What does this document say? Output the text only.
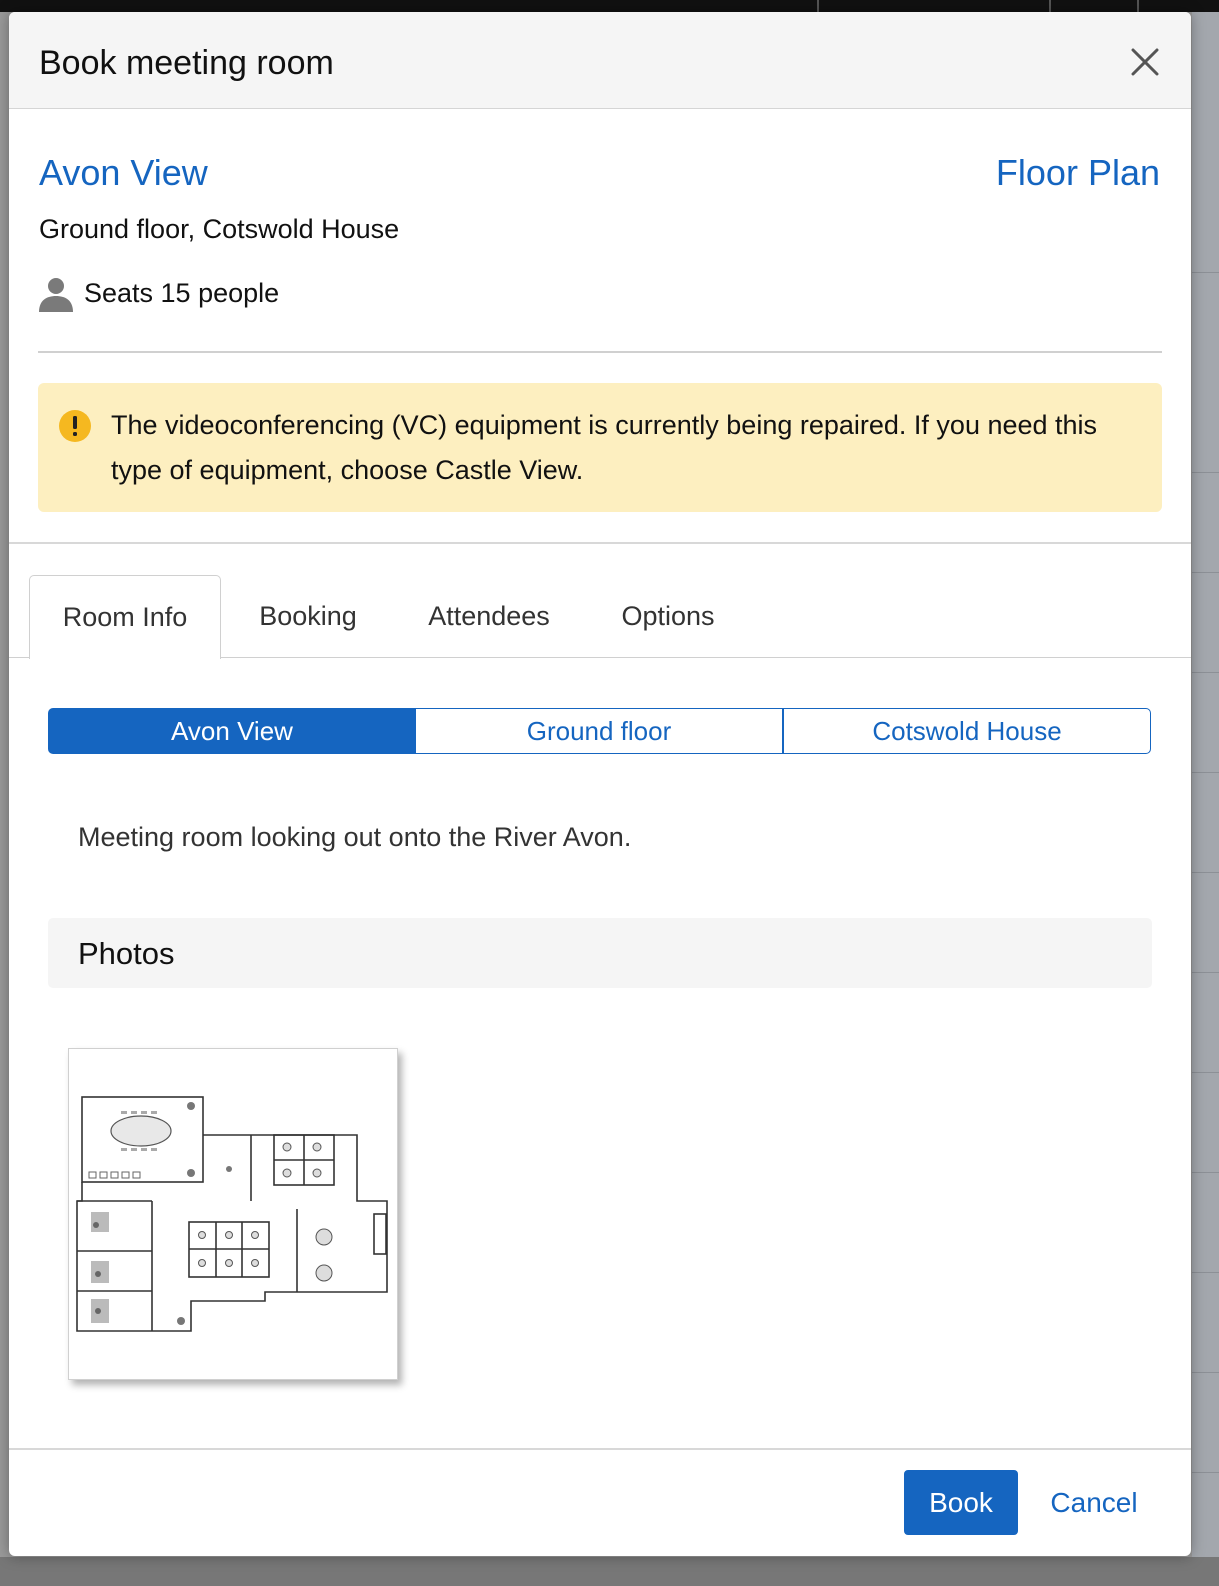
Book meeting room
Avon View	Floor Plan
Ground floor, Cotswold House
Seats 15 people
The videoconferencing (VC) equipment is currently being repaired. If you need this type of equipment, choose Castle View.
Room Info	Booking	Attendees	Options
Avon View	Ground floor	Cotswold House
Meeting room looking out onto the River Avon.
Photos
Book	Cancel
